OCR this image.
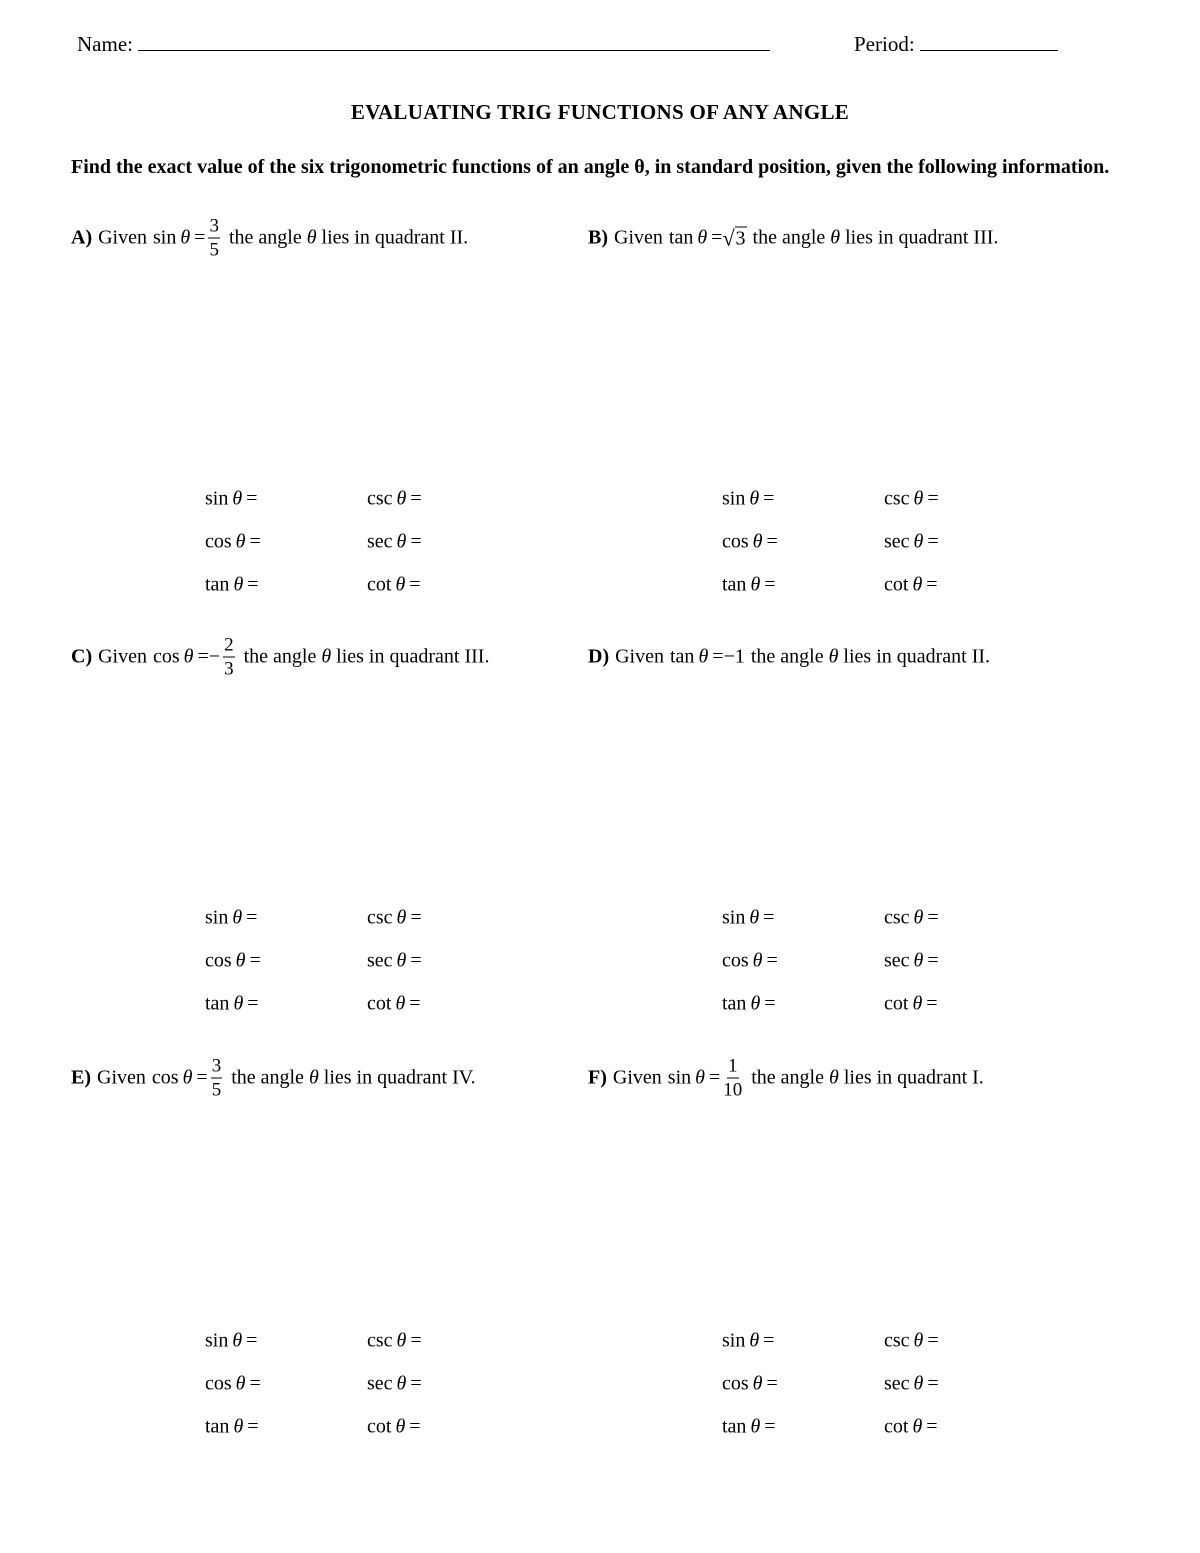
Name:	Period:
EVALUATING TRIG FUNCTIONS OF ANY ANGLE
Find the exact value of the six trigonometric functions of an angle θ, in standard position, given the following information.
A) Given $\sin \theta = \frac{3}{5}$ the angle θ lies in quadrant II.	B) Given tan  θ  = √ 3 the angle θ lies in quadrant III.
C) Given cos  θ  = − $\frac{2}{3}$ the angle θ lies in quadrant III.	D) Given tan  θ  = −1 the angle θ lies in quadrant II.
E) Given $\cos \theta = \frac{3}{5}$ the angle θ lies in quadrant IV.	F) Given $\sin \theta = \frac{1}{10}$ the angle θ lies in quadrant I.
sin θ =	csc θ =
cos θ =	sec θ =
tan θ =	cot θ =
sin θ =	csc θ =
cos θ =	sec θ =
tan θ =	cot θ =
sin θ =	csc θ =
cos θ =	sec θ =
tan θ =	cot θ =
sin θ =	csc θ =
cos θ =	sec θ =
tan θ =	cot θ =
sin θ =	csc θ =
cos θ =	sec θ =
tan θ =	cot θ =
sin θ =	csc θ =
cos θ =	sec θ =
tan θ =	cot θ =
